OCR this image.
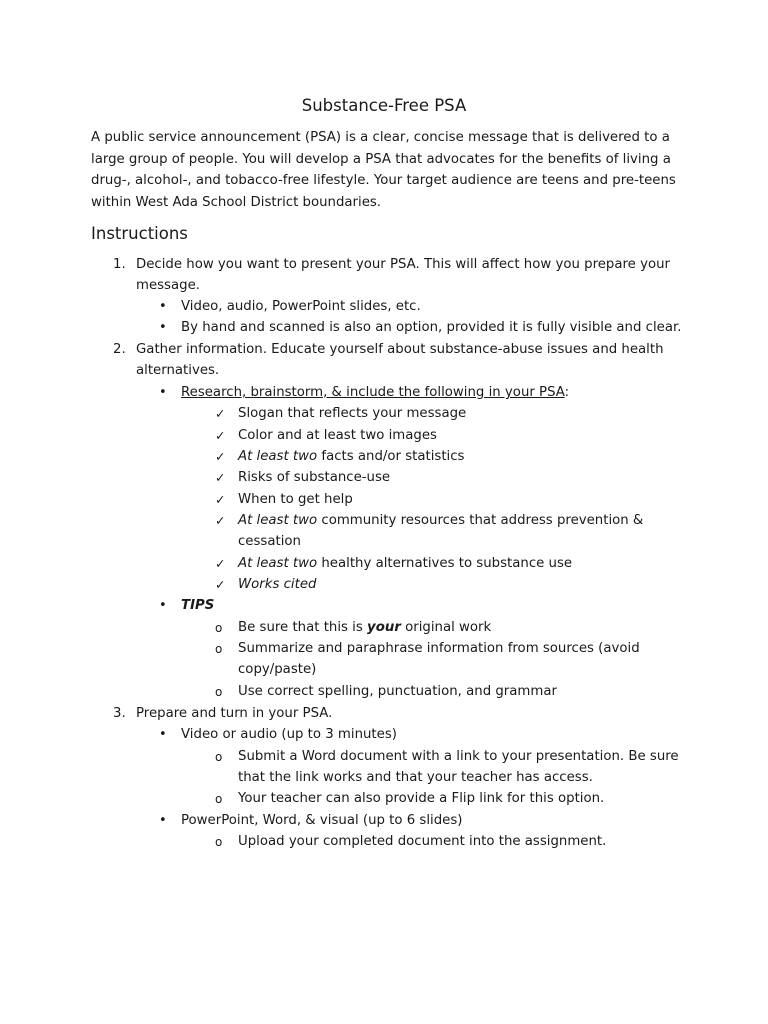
Substance-Free PSA
A public service announcement (PSA) is a clear, concise message that is delivered to a large group of people. You will develop a PSA that advocates for the benefits of living a drug-, alcohol-, and tobacco-free lifestyle. Your target audience are teens and pre-teens within West Ada School District boundaries.
Instructions
1. Decide how you want to present your PSA. This will affect how you prepare your
message.
• Video, audio, PowerPoint slides, etc.
• By hand and scanned is also an option, provided it is fully visible and clear.
2. Gather information. Educate yourself about substance-abuse issues and health
alternatives.
• Research, brainstorm, & include the following in your PSA:
✓ Slogan that reflects your message
✓ Color and at least two images
✓ At least two facts and/or statistics
✓ Risks of substance-use
✓ When to get help
✓ At least two community resources that address prevention &
cessation
✓ At least two healthy alternatives to substance use
✓ Works cited
• TIPS
o Be sure that this is your original work
o Summarize and paraphrase information from sources (avoid
copy/paste)
o Use correct spelling, punctuation, and grammar
3. Prepare and turn in your PSA.
• Video or audio (up to 3 minutes)
o Submit a Word document with a link to your presentation. Be sure
that the link works and that your teacher has access.
o Your teacher can also provide a Flip link for this option.
• PowerPoint, Word, & visual (up to 6 slides)
o Upload your completed document into the assignment.
